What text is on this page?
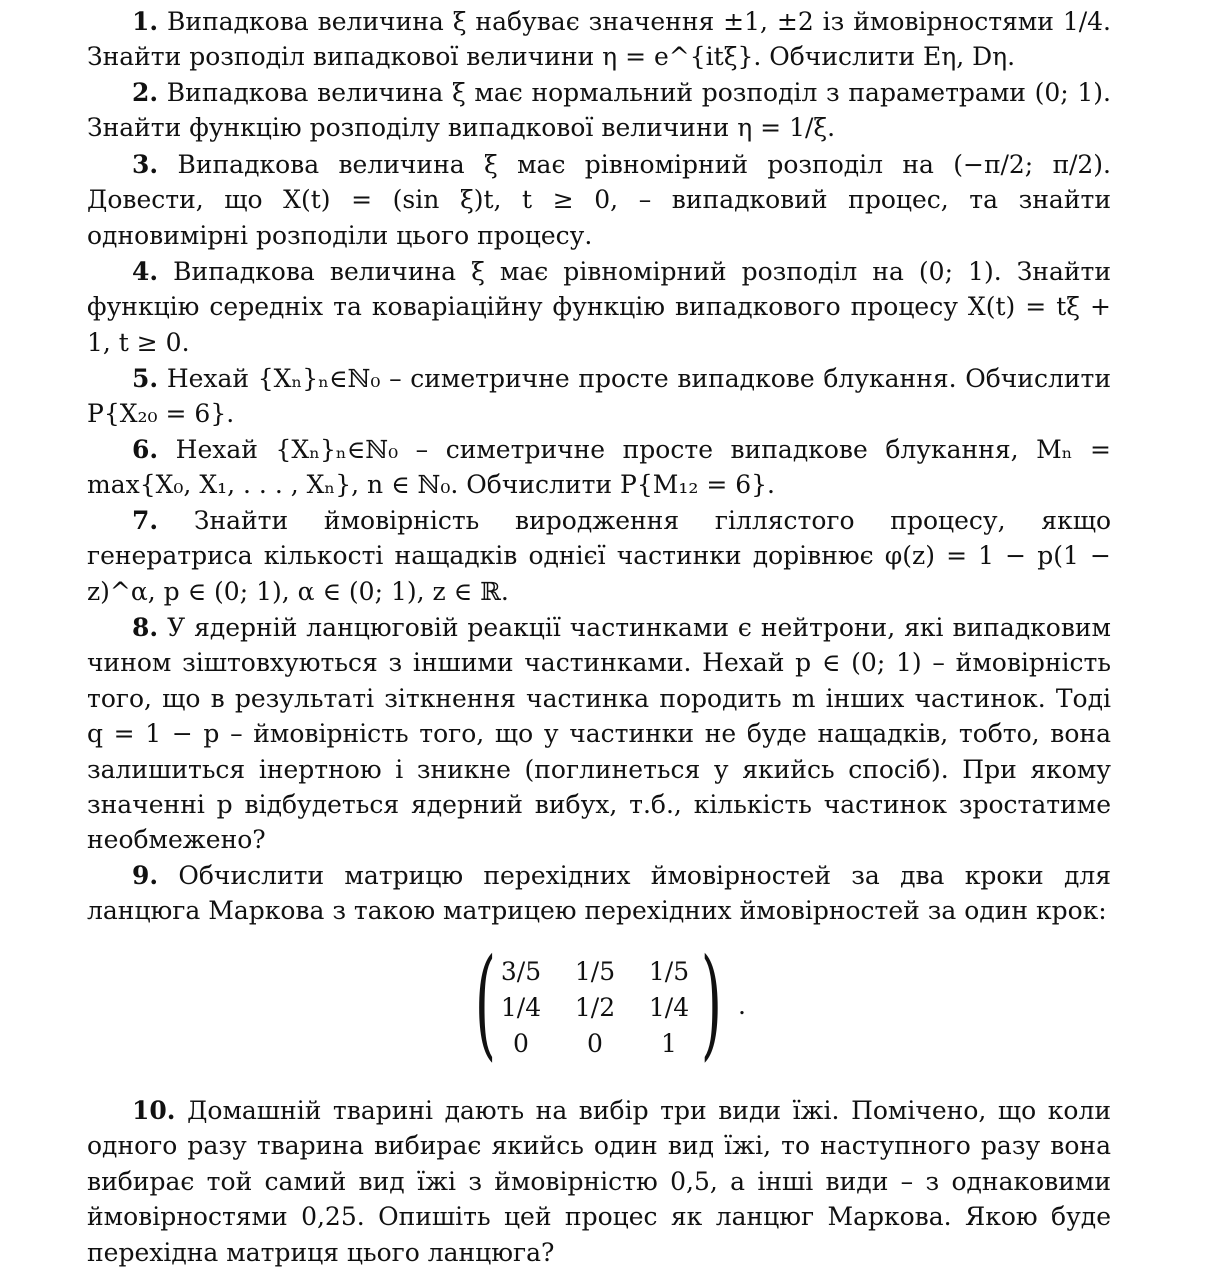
1. Випадкова величина ξ набуває значення ±1, ±2 із ймовірностями 1/4. Знайти розподіл випадкової величини η = e^{itξ}. Обчислити Eη, Dη.

2. Випадкова величина ξ має нормальний розподіл з параметрами (0; 1). Знайти функцію розподілу випадкової величини η = 1/ξ.

3. Випадкова величина ξ має рівномірний розподіл на (−π/2; π/2). Довести, що X(t) = (sin ξ)t, t ≥ 0, – випадковий процес, та знайти одновимірні розподіли цього процесу.

4. Випадкова величина ξ має рівномірний розподіл на (0; 1). Знайти функцію середніх та коваріаційну функцію випадкового процесу X(t) = tξ + 1, t ≥ 0.

5. Нехай {Xₙ}ₙ∈ℕ₀ – симетричне просте випадкове блукання. Обчислити P{X₂₀ = 6}.

6. Нехай {Xₙ}ₙ∈ℕ₀ – симетричне просте випадкове блукання, Mₙ = max{X₀, X₁, . . . , Xₙ}, n ∈ ℕ₀. Обчислити P{M₁₂ = 6}.

7. Знайти ймовірність виродження гіллястого процесу, якщо генератриса кількості нащадків однієї частинки дорівнює φ(z) = 1 − p(1 − z)^α, p ∈ (0; 1), α ∈ (0; 1), z ∈ ℝ.

8. У ядерній ланцюговій реакції частинками є нейтрони, які випадковим чином зіштовхуються з іншими частинками. Нехай p ∈ (0; 1) – ймовірність того, що в результаті зіткнення частинка породить m інших частинок. Тоді q = 1 − p – ймовірність того, що у частинки не буде нащадків, тобто, вона залишиться інертною і зникне (поглинеться у якийсь спосіб). При якому значенні p відбудеться ядерний вибух, т.б., кількість частинок зростатиме необмежено?

9. Обчислити матрицю перехідних ймовірностей за два кроки для ланцюга Маркова з такою матрицею перехідних ймовірностей за один крок:

( 3/5	1/5	1/5
1/4	1/2	1/4
0	0	1 ) .

10. Домашній тварині дають на вибір три види їжі. Помічено, що коли одного разу тварина вибирає якийсь один вид їжі, то наступного разу вона вибирає той самий вид їжі з ймовірністю 0,5, а інші види – з однаковими ймовірностями 0,25. Опишіть цей процес як ланцюг Маркова. Якою буде перехідна матриця цього ланцюга?
